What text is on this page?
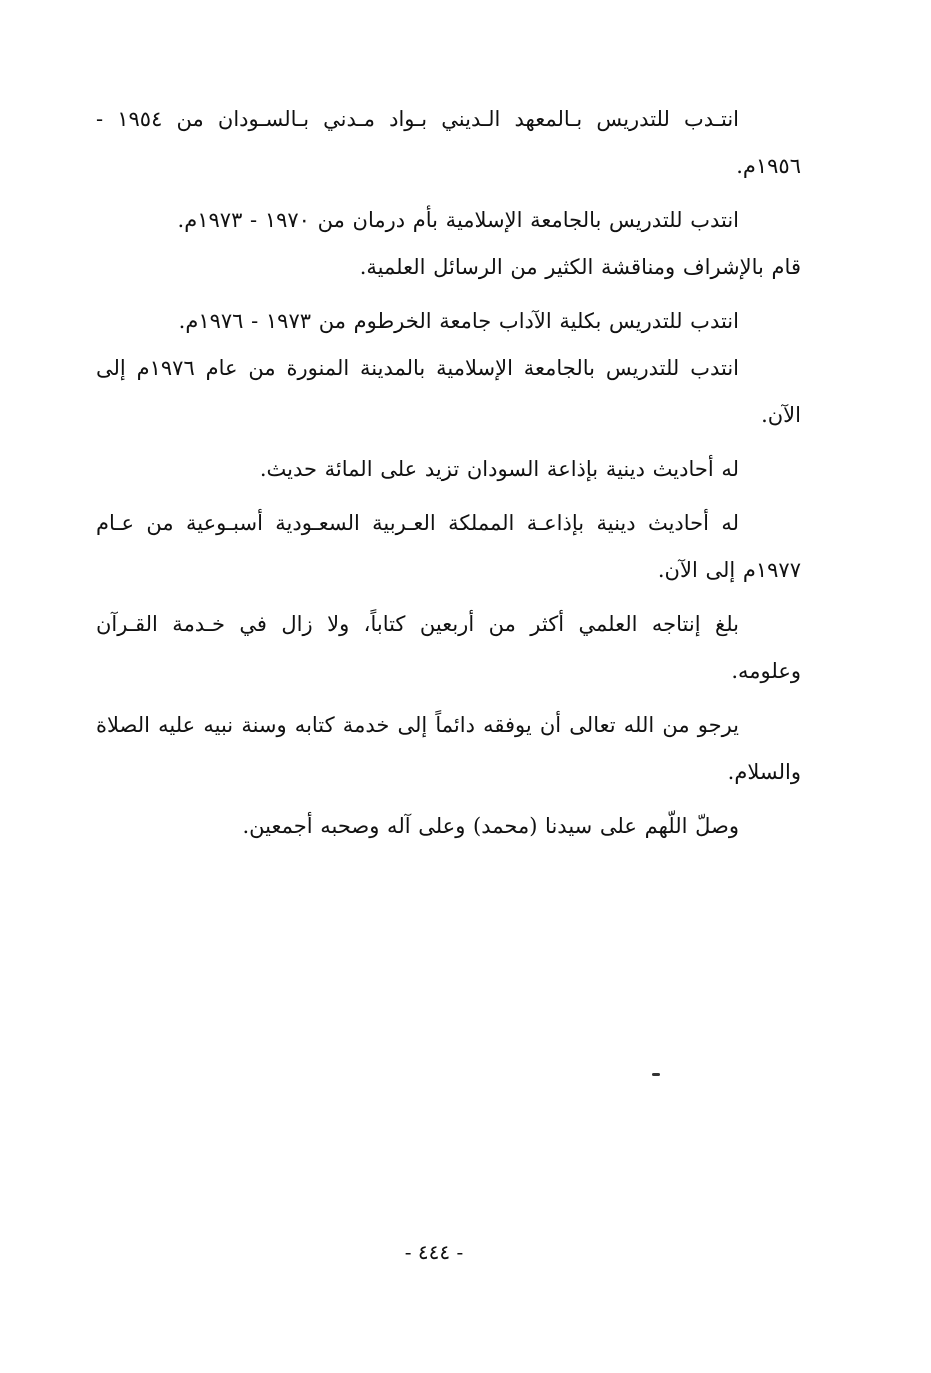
انتـدب للتدريس بـالمعهد الـديني بـواد مـدني بـالسـودان من ١٩٥٤ - ١٩٥٦م.

انتدب للتدريس بالجامعة الإسلامية بأم درمان من ١٩٧٠ - ١٩٧٣م.

قام بالإشراف ومناقشة الكثير من الرسائل العلمية.

انتدب للتدريس بكلية الآداب جامعة الخرطوم من ١٩٧٣ - ١٩٧٦م.

انتدب للتدريس بالجامعة الإسلامية بالمدينة المنورة من عام ١٩٧٦م إلى الآن.

له أحاديث دينية بإذاعة السودان تزيد على المائة حديث.

له أحاديث دينية بإذاعـة المملكة العـربية السعـودية أسبـوعية من عـام ١٩٧٧م إلى الآن.

بلغ إنتاجه العلمي أكثر من أربعين كتاباً، ولا زال في خـدمة القـرآن وعلومه.

يرجو من الله تعالى أن يوفقه دائماً إلى خدمة كتابه وسنة نبيه عليه الصلاة والسلام.

وصلّ اللّهم على سيدنا (محمد) وعلى آله وصحبه أجمعين.

- ٤٤٤ -
